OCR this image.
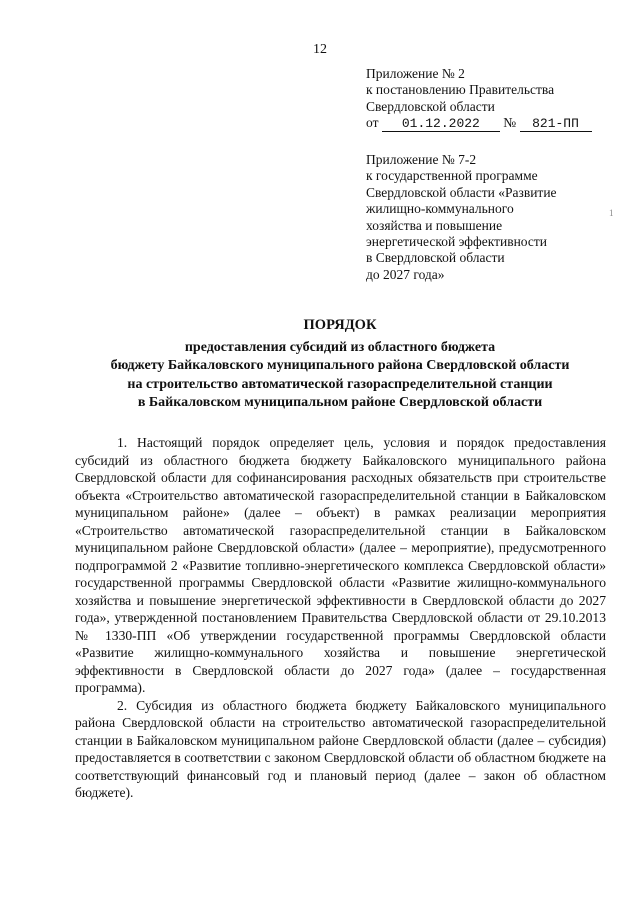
12
Приложение № 2
к постановлению Правительства
Свердловской области
от 01.12.2022 № 821-ПП
Приложение № 7-2
к государственной программе
Свердловской области «Развитие
жилищно-коммунального
хозяйства и повышение
энергетической эффективности
в Свердловской области
до 2027 года»
1
ПОРЯДОК
предоставления субсидий из областного бюджета
бюджету Байкаловского муниципального района Свердловской области
на строительство автоматической газораспределительной станции
в Байкаловском муниципальном районе Свердловской области

1. Настоящий порядок определяет цель, условия и порядок предоставления субсидий из областного бюджета бюджету Байкаловского муниципального района Свердловской области для софинансирования расходных обязательств при строительстве объекта «Строительство автоматической газораспределительной станции в Байкаловском муниципальном районе» (далее – объект) в рамках реализации мероприятия «Строительство автоматической газораспределительной станции в Байкаловском муниципальном районе Свердловской области» (далее – мероприятие), предусмотренного подпрограммой 2 «Развитие топливно-энергетического комплекса Свердловской области» государственной программы Свердловской области «Развитие жилищно-коммунального хозяйства и повышение энергетической эффективности в Свердловской области до 2027 года», утвержденной постановлением Правительства Свердловской области от 29.10.2013 № 1330-ПП «Об утверждении государственной программы Свердловской области «Развитие жилищно-коммунального хозяйства и повышение энергетической эффективности в Свердловской области до 2027 года» (далее – государственная программа).

2. Субсидия из областного бюджета бюджету Байкаловского муниципального района Свердловской области на строительство автоматической газораспределительной станции в Байкаловском муниципальном районе Свердловской области (далее – субсидия) предоставляется в соответствии с законом Свердловской области об областном бюджете на соответствующий финансовый год и плановый период (далее – закон об областном бюджете).
